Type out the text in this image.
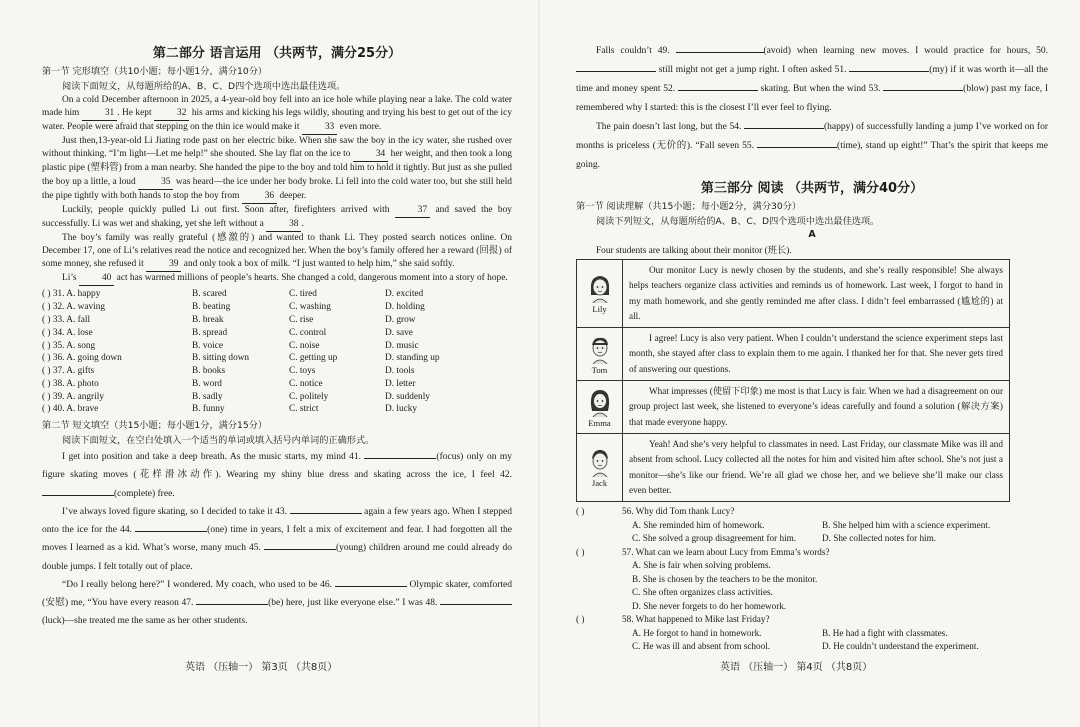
第二部分 语言运用 （共两节，满分25分）
第一节 完形填空（共10小题；每小题1分，满分10分）
阅读下面短文，从每题所给的A、B、C、D四个选项中选出最佳选项。
On a cold December afternoon in 2025, a 4-year-old boy fell into an ice hole while playing near a lake. The cold water made him 31 . He kept 32 his arms and kicking his legs wildly, shouting and trying his best to get out of the icy water. People were afraid that stepping on the thin ice would make it 33 even more.
Just then,13-year-old Li Jiating rode past on her electric bike. When she saw the boy in the icy water, she rushed over without thinking. “I’m light—Let me help!” she shouted. She lay flat on the ice to 34 her weight, and then took a long plastic pipe (塑料管) from a man nearby. She handed the pipe to the boy and told him to hold it tightly. But just as she pulled the boy up a little, a loud 35 was heard—the ice under her body broke. Li fell into the cold water too, but she still held the pipe tightly with both hands to stop the boy from 36 deeper.
Luckily, people quickly pulled Li out first. Soon after, firefighters arrived with 37 and saved the boy successfully. Li was wet and shaking, yet she left without a 38 .
The boy’s family was really grateful (感激的) and wanted to thank Li. They posted search notices online. On December 17, one of Li’s relatives read the notice and recognized her. When the boy’s family offered her a reward (回报) of some money, she refused it 39 and only took a box of milk. “I just wanted to help him,” she said softly.
Li’s 40 act has warmed millions of people’s hearts. She changed a cold, dangerous moment into a story of hope.
( ) 31. A. happy	B. scared	C. tired	D. excited
( ) 32. A. waving	B. beating	C. washing	D. holding
( ) 33. A. fall	B. break	C. rise	D. grow
( ) 34. A. lose	B. spread	C. control	D. save
( ) 35. A. song	B. voice	C. noise	D. music
( ) 36. A. going down	B. sitting down	C. getting up	D. standing up
( ) 37. A. gifts	B. books	C. toys	D. tools
( ) 38. A. photo	B. word	C. notice	D. letter
( ) 39. A. angrily	B. sadly	C. politely	D. suddenly
( ) 40. A. brave	B. funny	C. strict	D. lucky
第二节 短文填空（共15小题；每小题1分，满分15分）
阅读下面短文，在空白处填入一个适当的单词或填入括号内单词的正确形式。
I get into position and take a deep breath. As the music starts, my mind 41.	(focus) only on my figure skating moves (花样滑冰动作). Wearing my shiny blue dress and skating across the ice, I feel 42. (complete) free.
I’ve always loved figure skating, so I decided to take it 43.	again a few years ago. When I stepped onto the ice for the 44.	(one) time in years, I felt a mix of excitement and fear. I had forgotten all the moves I learned as a kid. What’s worse, many much 45.	(young) children around me could already do double jumps. I felt totally out of place.
“Do I really belong here?” I wondered. My coach, who used to be 46.	Olympic skater, comforted (安慰) me, “You have every reason 47.	(be) here, just like everyone else.” I was 48. (luck)—she treated me the same as her other students.
英语 （压轴一） 第3页 （共8页）
Falls couldn’t 49.	(avoid) when learning new moves. I would practice for hours, 50.  still might not get a jump right. I often asked 51.	(my) if it was worth it—all the time and money spent 52.	skating. But when the wind 53.	(blow) past my face, I remembered why I started: this is the closest I’ll ever feel to flying.
The pain doesn’t last long, but the 54.	(happy) of successfully landing a jump I’ve worked on for months is priceless (无价的). “Fall seven 55.	(time), stand up eight!” That’s the spirit that keeps me going.
第三部分 阅读 （共两节，满分40分）
第一节 阅读理解（共15小题；每小题2分，满分30分）
阅读下列短文，从每题所给的A、B、C、D四个选项中选出最佳选项。
A
Four students are talking about their monitor (班长).
Lily	Our monitor Lucy is newly chosen by the students, and she’s really responsible! She always helps teachers organize class activities and reminds us of homework. Last week, I forgot to hand in my math homework, and she gently reminded me after class. I didn’t feel embarrassed (尴尬的) at all.

Tom	I agree! Lucy is also very patient. When I couldn’t understand the science experiment steps last month, she stayed after class to explain them to me again. I thanked her for that. She never gets tired of answering our questions.

Emma	What impresses (使留下印象) me most is that Lucy is fair. When we had a disagreement on our group project last week, she listened to everyone’s ideas carefully and found a solution (解决方案) that made everyone happy.

Jack	Yeah! And she’s very helpful to classmates in need. Last Friday, our classmate Mike was ill and absent from school. Lucy collected all the notes for him and visited him after school. She’s not just a monitor—she’s like our friend. We’re all glad we chose her, and we believe she’ll make our class even better.
( )	56. Why did Tom thank Lucy?
A. She reminded him of homework.	B. She helped him with a science experiment.
C. She solved a group disagreement for him.	D. She collected notes for him.
( )	57. What can we learn about Lucy from Emma’s words?
A. She is fair when solving problems.
B. She is chosen by the teachers to be the monitor.
C. She often organizes class activities.
D. She never forgets to do her homework.
( )	58. What happened to Mike last Friday?
A. He forgot to hand in homework.	B. He had a fight with classmates.
C. He was ill and absent from school.	D. He couldn’t understand the experiment.
英语 （压轴一） 第4页 （共8页）
